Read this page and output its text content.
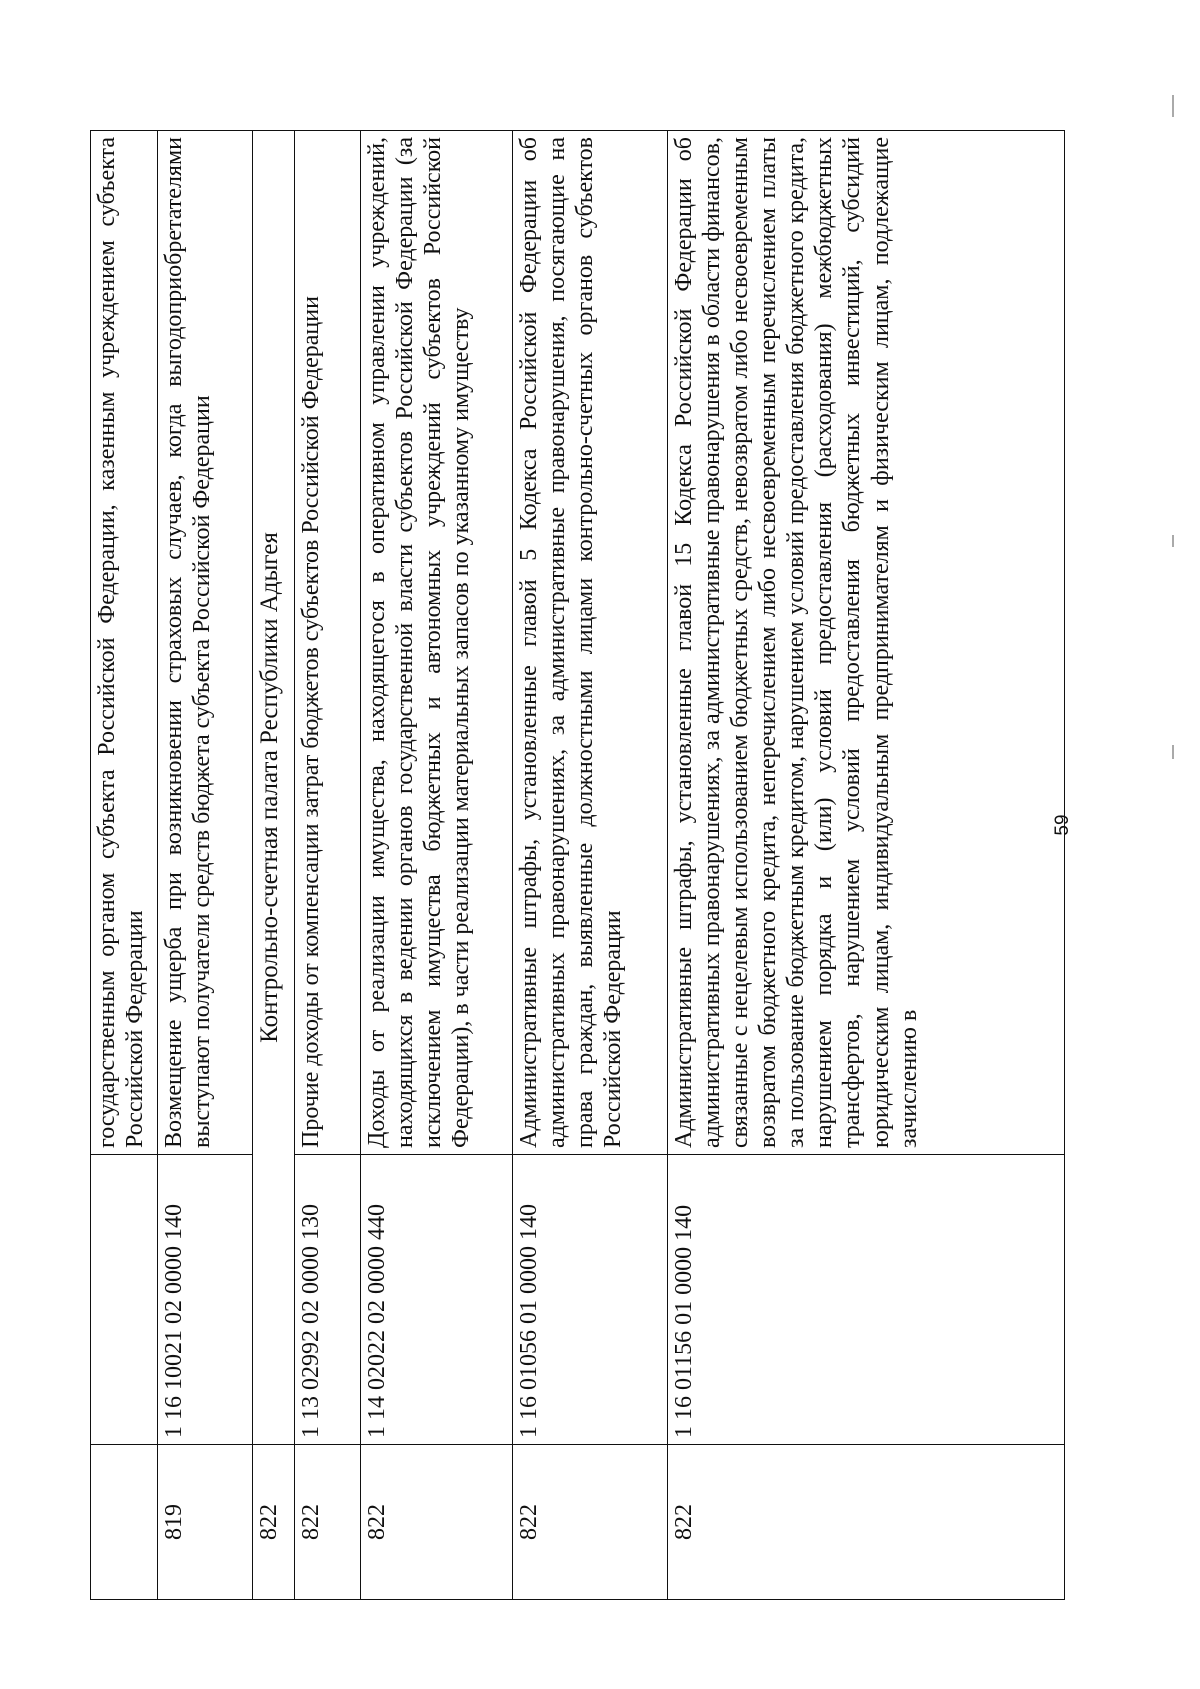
		государственным органом субъекта Российской Федерации, казенным учреждением субъекта Российской Федерации
819	1 16 10021 02 0000 140	Возмещение ущерба при возникновении страховых случаев, когда выгодоприобретателями выступают получатели средств бюджета субъекта Российской Федерации
822	Контрольно-счетная палата Республики Адыгея	
822	1 13 02992 02 0000 130	Прочие доходы от компенсации затрат бюджетов субъектов Российской Федерации
822	1 14 02022 02 0000 440	Доходы от реализации имущества, находящегося в оперативном управлении учреждений, находящихся в ведении органов государственной власти субъектов Российской Федерации (за исключением имущества бюджетных и автономных учреждений субъектов Российской Федерации), в части реализации материальных запасов по указанному имуществу
822	1 16 01056 01 0000 140	Административные штрафы, установленные главой 5 Кодекса Российской Федерации об административных правонарушениях, за административные правонарушения, посягающие на права граждан, выявленные должностными лицами контрольно-счетных органов субъектов Российской Федерации
822	1 16 01156 01 0000 140	Административные штрафы, установленные главой 15 Кодекса Российской Федерации об административных правонарушениях, за административные правонарушения в области финансов, связанные с нецелевым использованием бюджетных средств, невозвратом либо несвоевременным возвратом бюджетного кредита, неперечислением либо несвоевременным перечислением платы за пользование бюджетным кредитом, нарушением условий предоставления бюджетного кредита, нарушением порядка и (или) условий предоставления (расходования) межбюджетных трансфертов, нарушением условий предоставления бюджетных инвестиций, субсидий юридическим лицам, индивидуальным предпринимателям и физическим лицам, подлежащие зачислению в
59
